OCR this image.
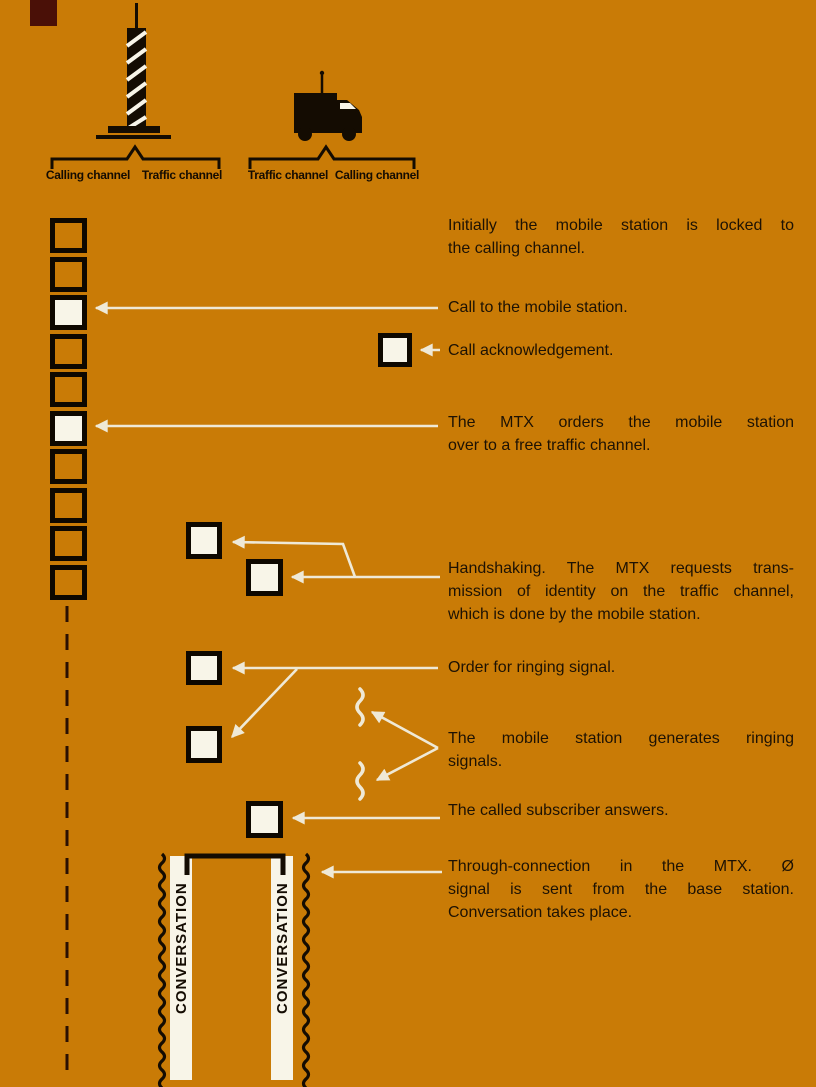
Calling channel Traffic channel	Traffic channel Calling channel
Initially the mobile station is locked to
the calling channel.
Call to the mobile station.
Call acknowledgement.
The MTX orders the mobile station
over to a free traffic channel.
Handshaking. The MTX requests trans-
mission of identity on the traffic channel,
which is done by the mobile station.
Order for ringing signal.
The mobile station generates ringing
signals.
The called subscriber answers.
Through-connection in the MTX. Ø
signal is sent from the base station.
Conversation takes place.
CONVERSATION	CONVERSATION
